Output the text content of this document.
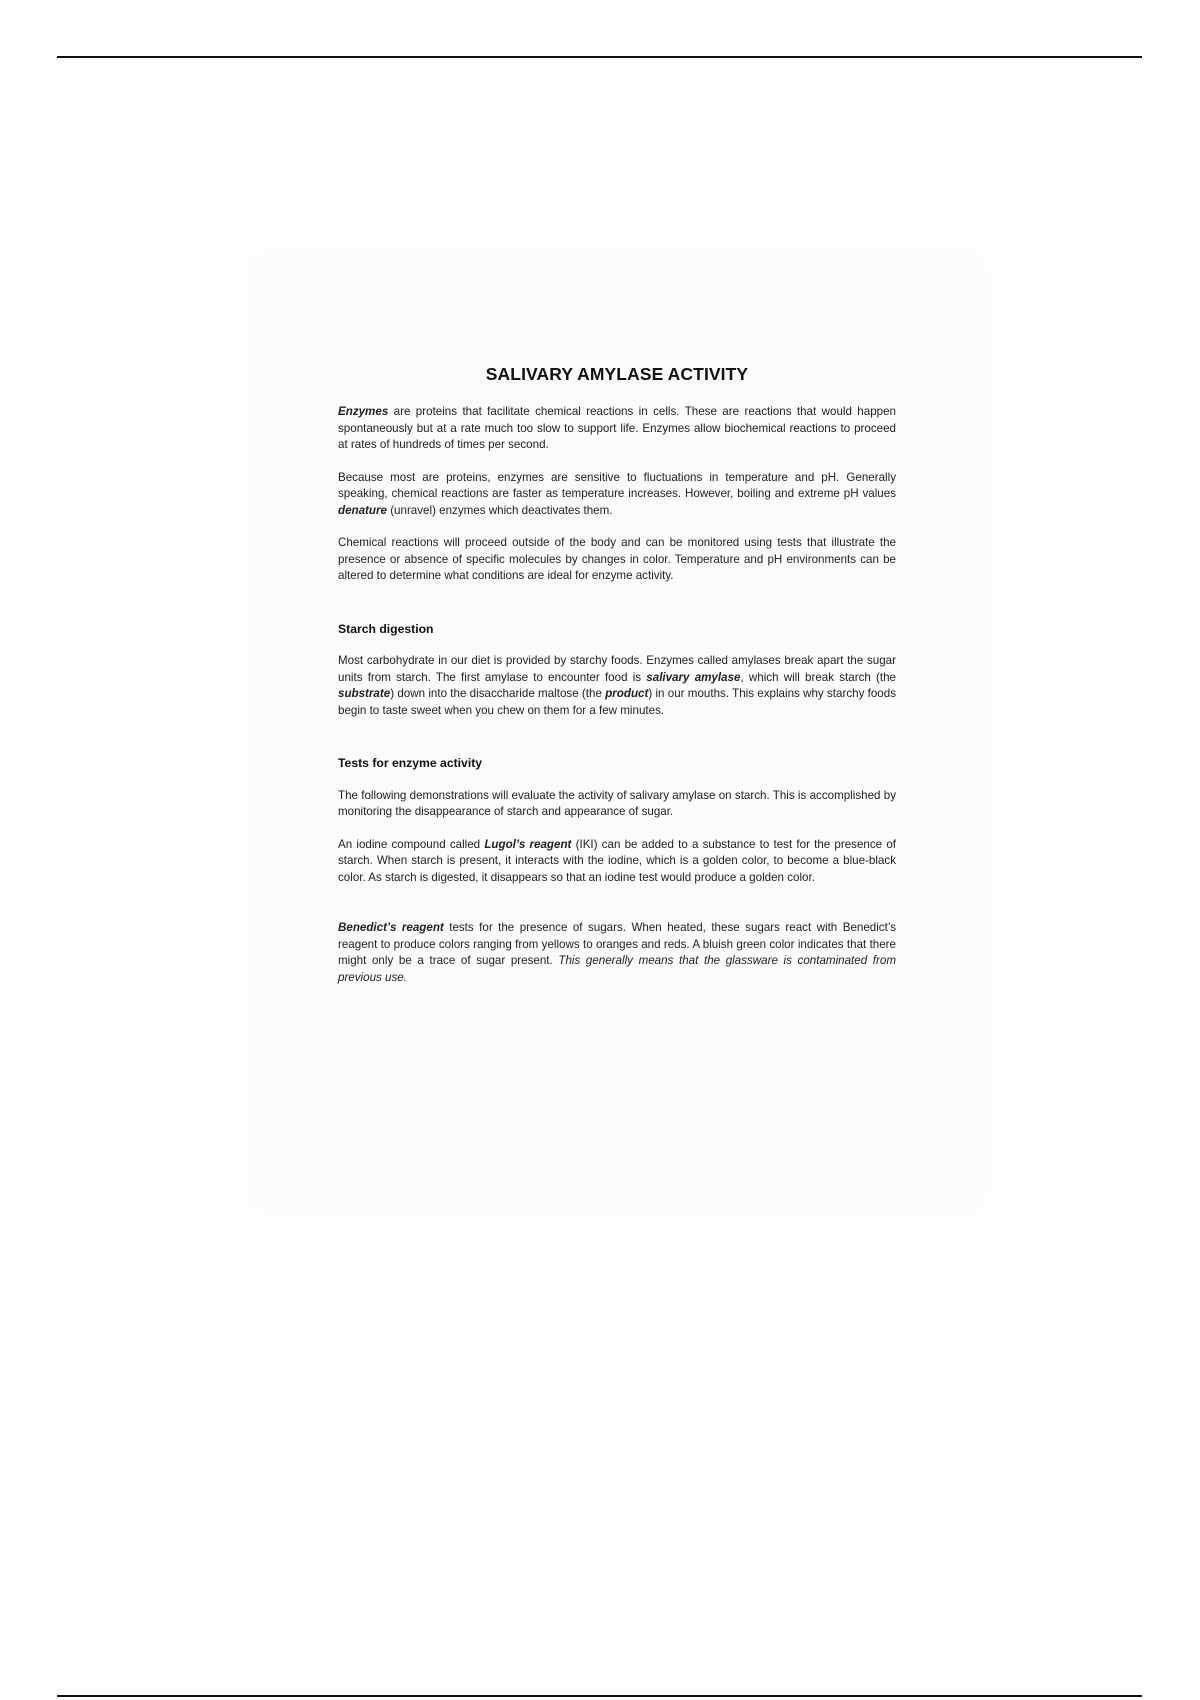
SALIVARY AMYLASE ACTIVITY

Enzymes are proteins that facilitate chemical reactions in cells. These are reactions that would happen spontaneously but at a rate much too slow to support life. Enzymes allow biochemical reactions to proceed at rates of hundreds of times per second.

Because most are proteins, enzymes are sensitive to fluctuations in temperature and pH. Generally speaking, chemical reactions are faster as temperature increases. However, boiling and extreme pH values denature (unravel) enzymes which deactivates them.

Chemical reactions will proceed outside of the body and can be monitored using tests that illustrate the presence or absence of specific molecules by changes in color. Temperature and pH environments can be altered to determine what conditions are ideal for enzyme activity.

Starch digestion

Most carbohydrate in our diet is provided by starchy foods. Enzymes called amylases break apart the sugar units from starch. The first amylase to encounter food is salivary amylase, which will break starch (the substrate) down into the disaccharide maltose (the product) in our mouths. This explains why starchy foods begin to taste sweet when you chew on them for a few minutes.

Tests for enzyme activity

The following demonstrations will evaluate the activity of salivary amylase on starch. This is accomplished by monitoring the disappearance of starch and appearance of sugar.

An iodine compound called Lugol’s reagent (IKI) can be added to a substance to test for the presence of starch. When starch is present, it interacts with the iodine, which is a golden color, to become a blue-black color. As starch is digested, it disappears so that an iodine test would produce a golden color.

Benedict’s reagent tests for the presence of sugars. When heated, these sugars react with Benedict’s reagent to produce colors ranging from yellows to oranges and reds. A bluish green color indicates that there might only be a trace of sugar present. This generally means that the glassware is contaminated from previous use.
